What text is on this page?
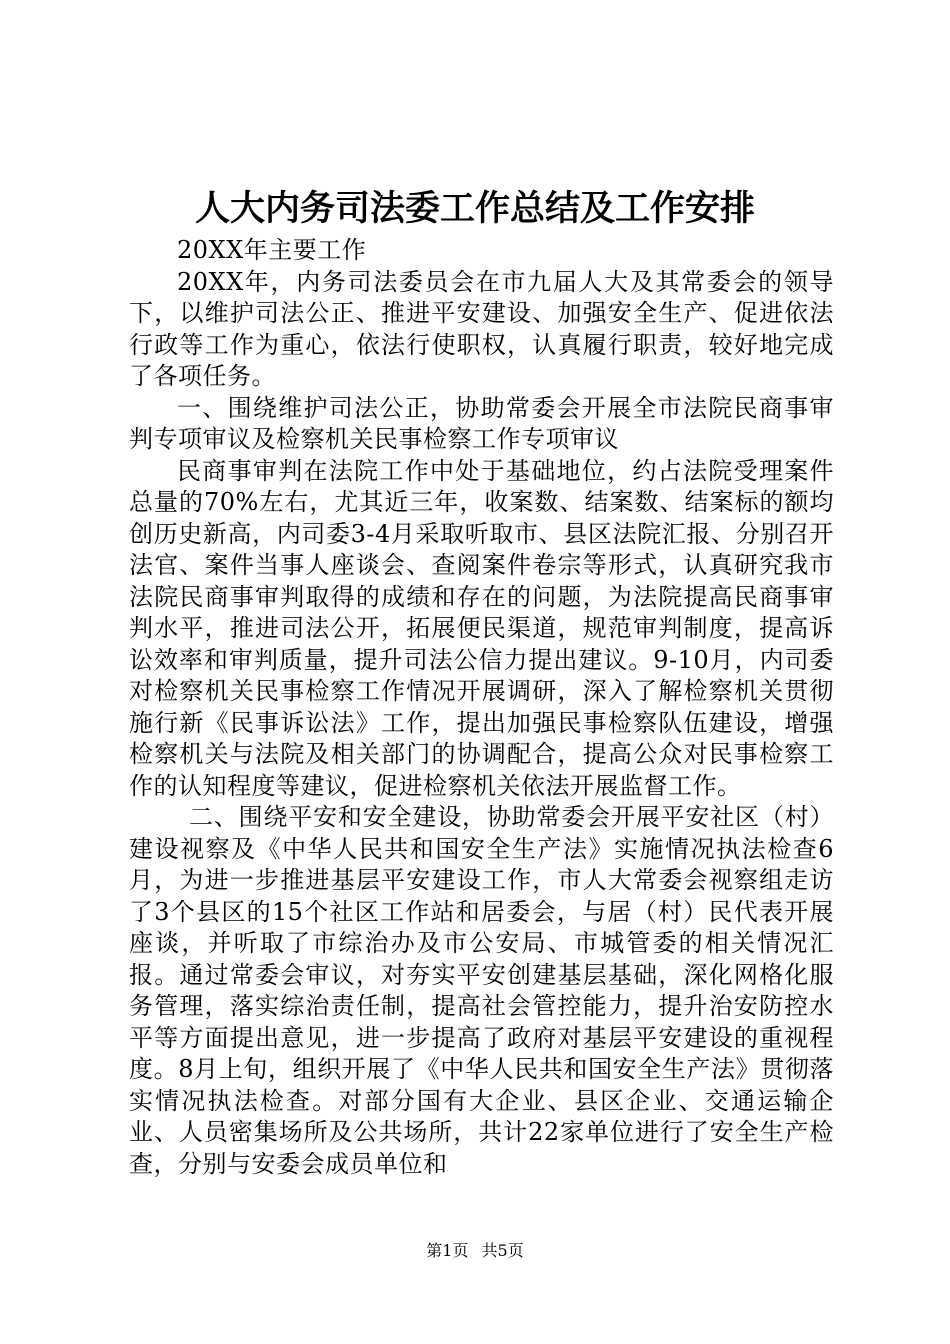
人大内务司法委工作总结及工作安排

20XX年主要工作

20XX年，内务司法委员会在市九届人大及其常委会的领导下，以维护司法公正、推进平安建设、加强安全生产、促进依法行政等工作为重心，依法行使职权，认真履行职责，较好地完成了各项任务。

一、围绕维护司法公正，协助常委会开展全市法院民商事审判专项审议及检察机关民事检察工作专项审议

民商事审判在法院工作中处于基础地位，约占法院受理案件总量的70%左右，尤其近三年，收案数、结案数、结案标的额均创历史新高，内司委3-4月采取听取市、县区法院汇报、分别召开法官、案件当事人座谈会、查阅案件卷宗等形式，认真研究我市法院民商事审判取得的成绩和存在的问题，为法院提高民商事审判水平，推进司法公开，拓展便民渠道，规范审判制度，提高诉讼效率和审判质量，提升司法公信力提出建议。9-10月，内司委对检察机关民事检察工作情况开展调研，深入了解检察机关贯彻施行新《民事诉讼法》工作，提出加强民事检察队伍建设，增强检察机关与法院及相关部门的协调配合，提高公众对民事检察工作的认知程度等建议，促进检察机关依法开展监督工作。

二、围绕平安和安全建设，协助常委会开展平安社区（村）建设视察及《中华人民共和国安全生产法》实施情况执法检查6月，为进一步推进基层平安建设工作，市人大常委会视察组走访了3个县区的15个社区工作站和居委会，与居（村）民代表开展座谈，并听取了市综治办及市公安局、市城管委的相关情况汇报。通过常委会审议，对夯实平安创建基层基础，深化网格化服务管理，落实综治责任制，提高社会管控能力，提升治安防控水平等方面提出意见，进一步提高了政府对基层平安建设的重视程度。8月上旬，组织开展了《中华人民共和国安全生产法》贯彻落实情况执法检查。对部分国有大企业、县区企业、交通运输企业、人员密集场所及公共场所，共计22家单位进行了安全生产检查，分别与安委会成员单位和

第1页 共5页
